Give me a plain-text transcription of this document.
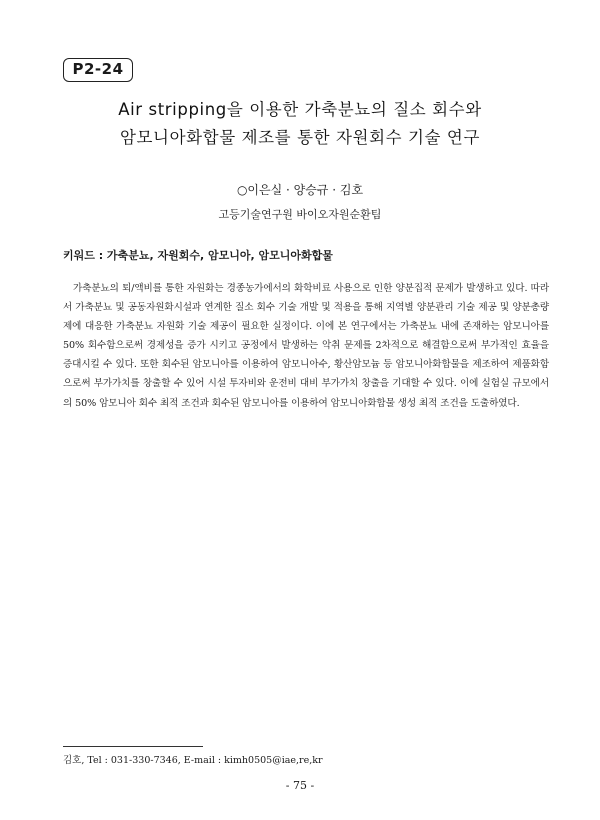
P2-24
Air stripping을 이용한 가축분뇨의 질소 회수와
암모니아화합물 제조를 통한 자원회수 기술 연구
○이은실 · 양승규 · 김호
고등기술연구원 바이오자원순환팀
키워드 : 가축분뇨, 자원회수, 암모니아, 암모니아화합물

가축분뇨의 퇴/액비를 통한 자원화는 경종농가에서의 화학비료 사용으로 인한 양분집적 문제가 발생하고 있다. 따라서 가축분뇨 및 공동자원화시설과 연계한 질소 회수 기술 개발 및 적용을 통해 지역별 양분관리 기술 제공 및 양분총량제에 대응한 가축분뇨 자원화 기술 제공이 필요한 실정이다. 이에 본 연구에서는 가축분뇨 내에 존재하는 암모니아를 50% 회수함으로써 경제성을 증가 시키고 공정에서 발생하는 악취 문제를 2차적으로 해결함으로써 부가적인 효율을 증대시킬 수 있다. 또한 회수된 암모니아를 이용하여 암모니아수, 황산암모늄 등 암모니아화합물을 제조하여 제품화함으로써 부가가치를 창출할 수 있어 시설 투자비와 운전비 대비 부가가치 창출을 기대할 수 있다. 이에 실험실 규모에서의 50% 암모니아 회수 최적 조건과 회수된 암모니아를 이용하여 암모니아화합물 생성 최적 조건을 도출하였다.

김호, Tel : 031-330-7346, E-mail : kimh0505@iae,re,kr
- 75 -
